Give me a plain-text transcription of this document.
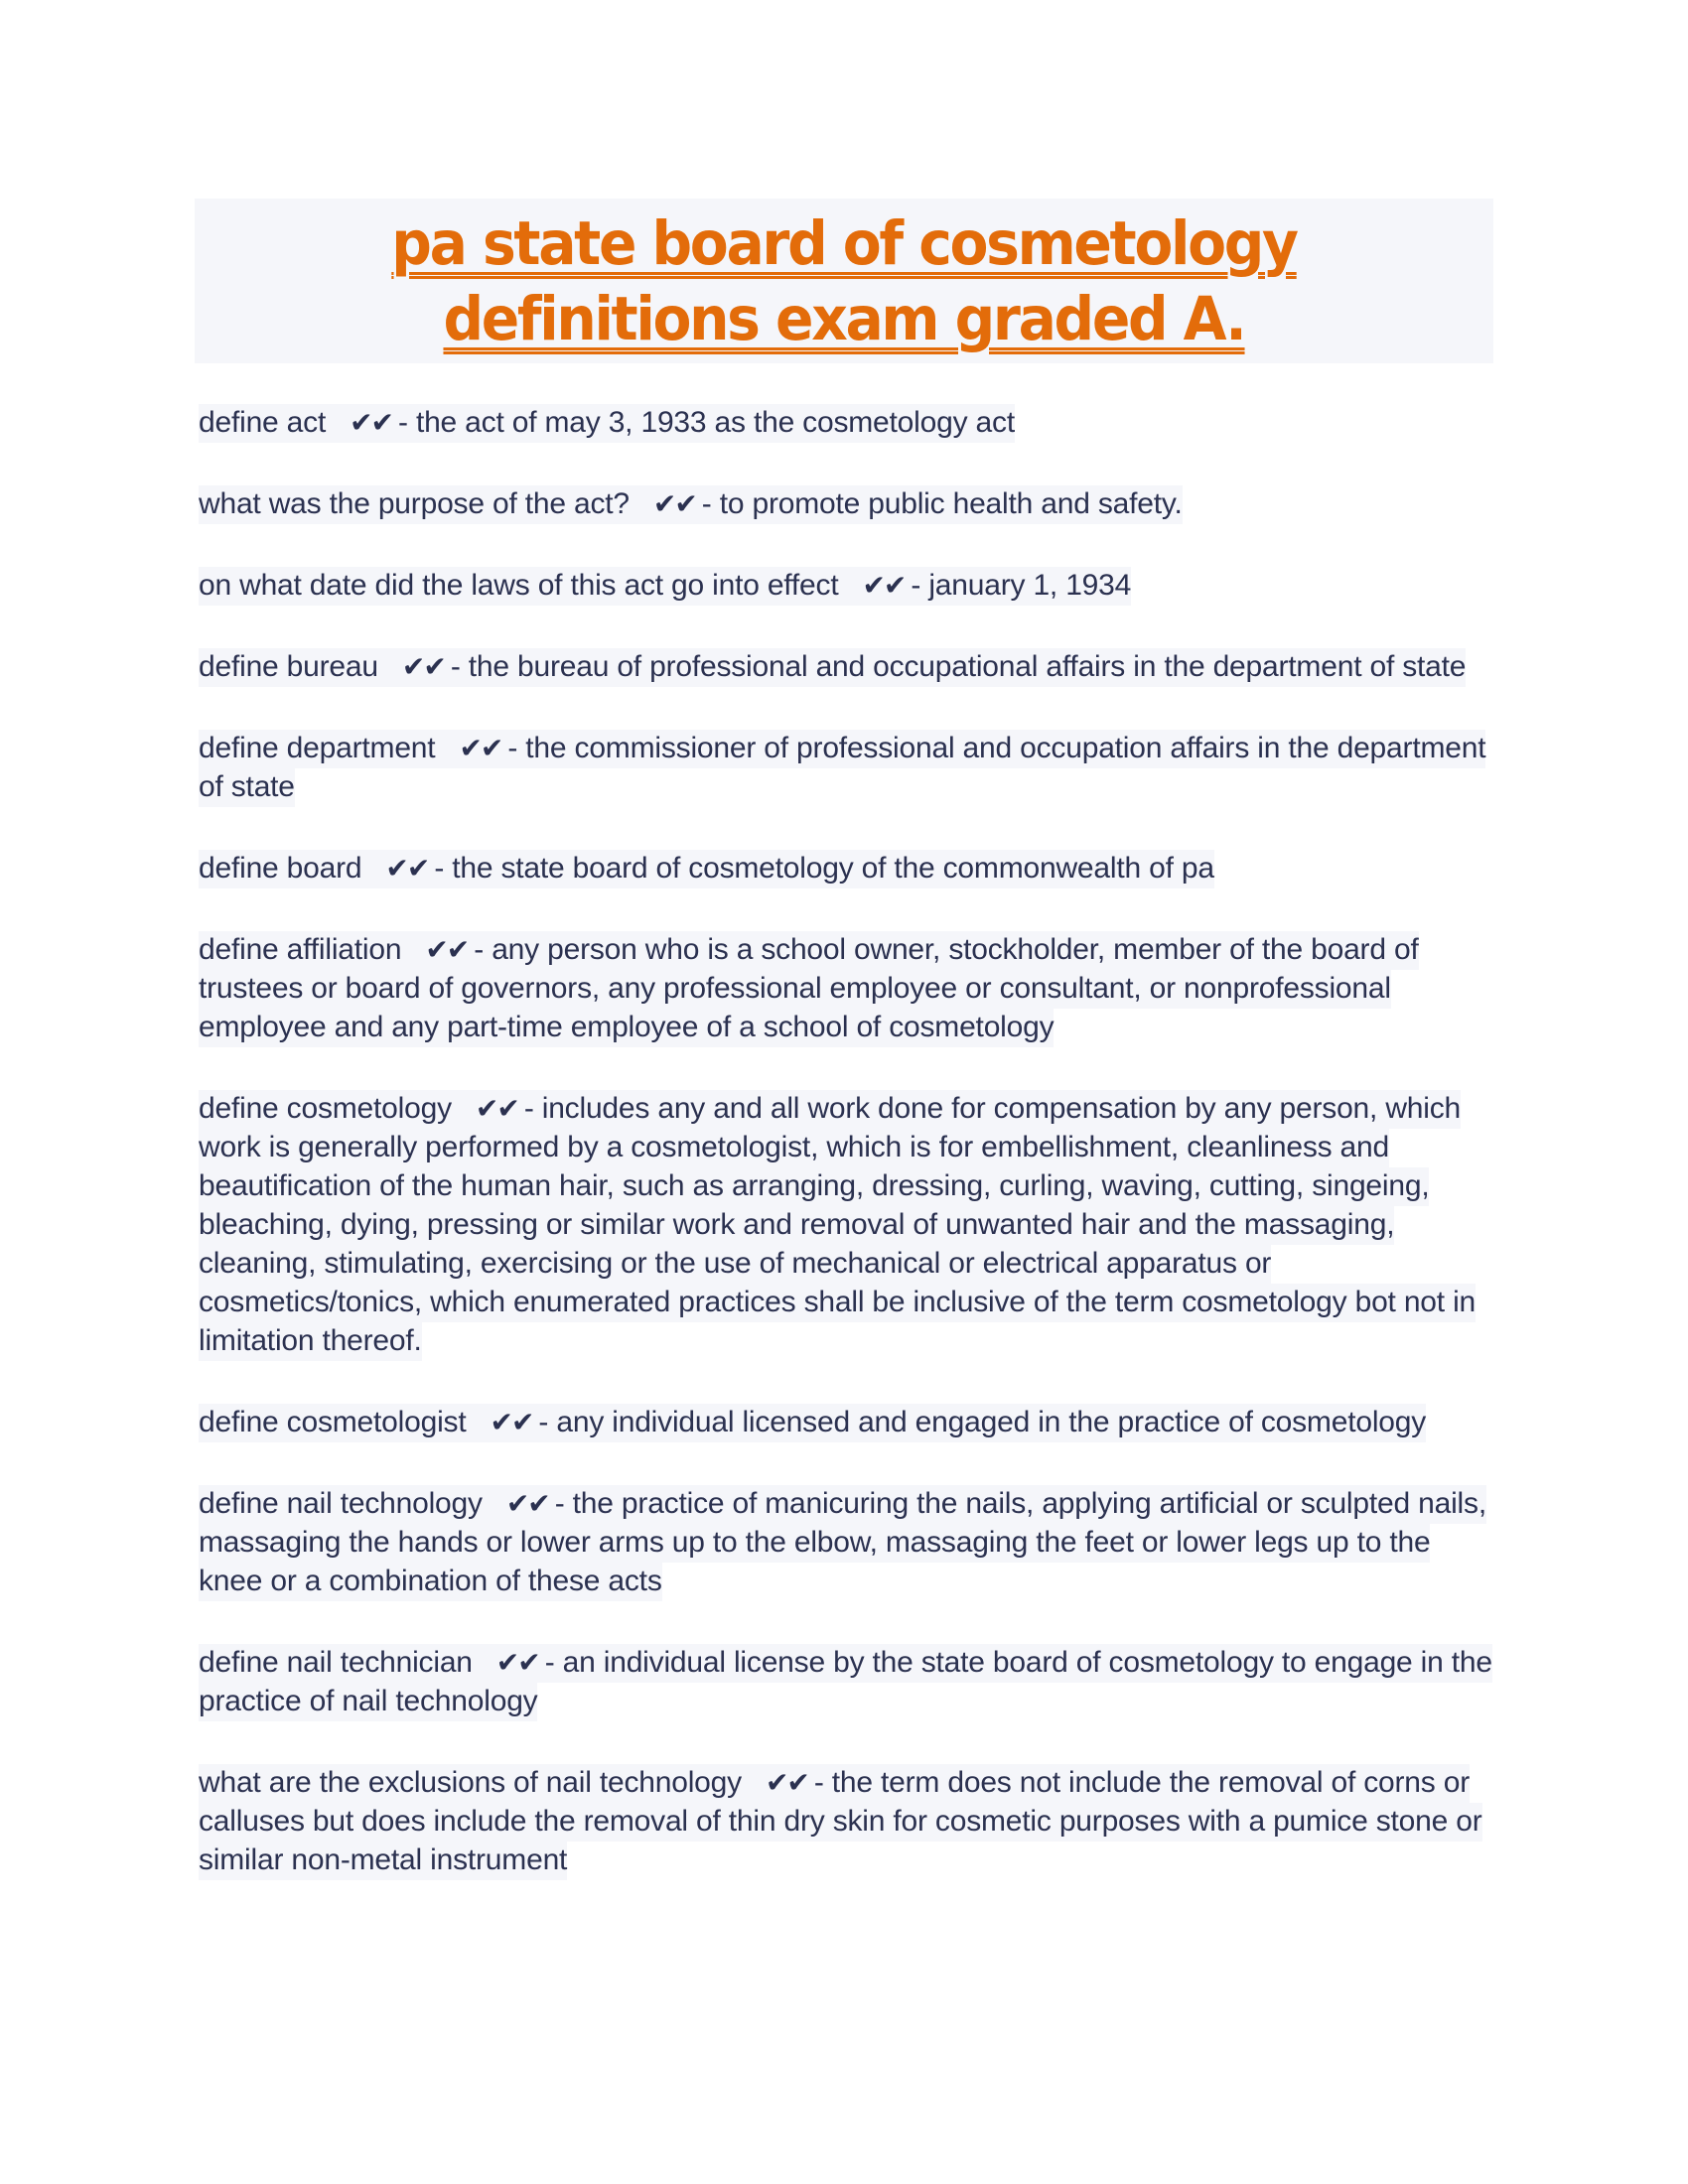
pa state board of cosmetology
definitions exam graded A.

define act ✔✔ - the act of may 3, 1933 as the cosmetology act

what was the purpose of the act? ✔✔ - to promote public health and safety.

on what date did the laws of this act go into effect ✔✔ - january 1, 1934

define bureau ✔✔ - the bureau of professional and occupational affairs in the department of state

define department ✔✔ - the commissioner of professional and occupation affairs in the department of state

define board ✔✔ - the state board of cosmetology of the commonwealth of pa

define affiliation ✔✔ - any person who is a school owner, stockholder, member of the board of trustees or board of governors, any professional employee or consultant, or nonprofessional employee and any part-time employee of a school of cosmetology

define cosmetology ✔✔ - includes any and all work done for compensation by any person, which work is generally performed by a cosmetologist, which is for embellishment, cleanliness and beautification of the human hair, such as arranging, dressing, curling, waving, cutting, singeing, bleaching, dying, pressing or similar work and removal of unwanted hair and the massaging, cleaning, stimulating, exercising or the use of mechanical or electrical apparatus or cosmetics/tonics, which enumerated practices shall be inclusive of the term cosmetology bot not in limitation thereof.

define cosmetologist ✔✔ - any individual licensed and engaged in the practice of cosmetology

define nail technology ✔✔ - the practice of manicuring the nails, applying artificial or sculpted nails, massaging the hands or lower arms up to the elbow, massaging the feet or lower legs up to the knee or a combination of these acts

define nail technician ✔✔ - an individual license by the state board of cosmetology to engage in the practice of nail technology

what are the exclusions of nail technology ✔✔ - the term does not include the removal of corns or calluses but does include the removal of thin dry skin for cosmetic purposes with a pumice stone or similar non-metal instrument
